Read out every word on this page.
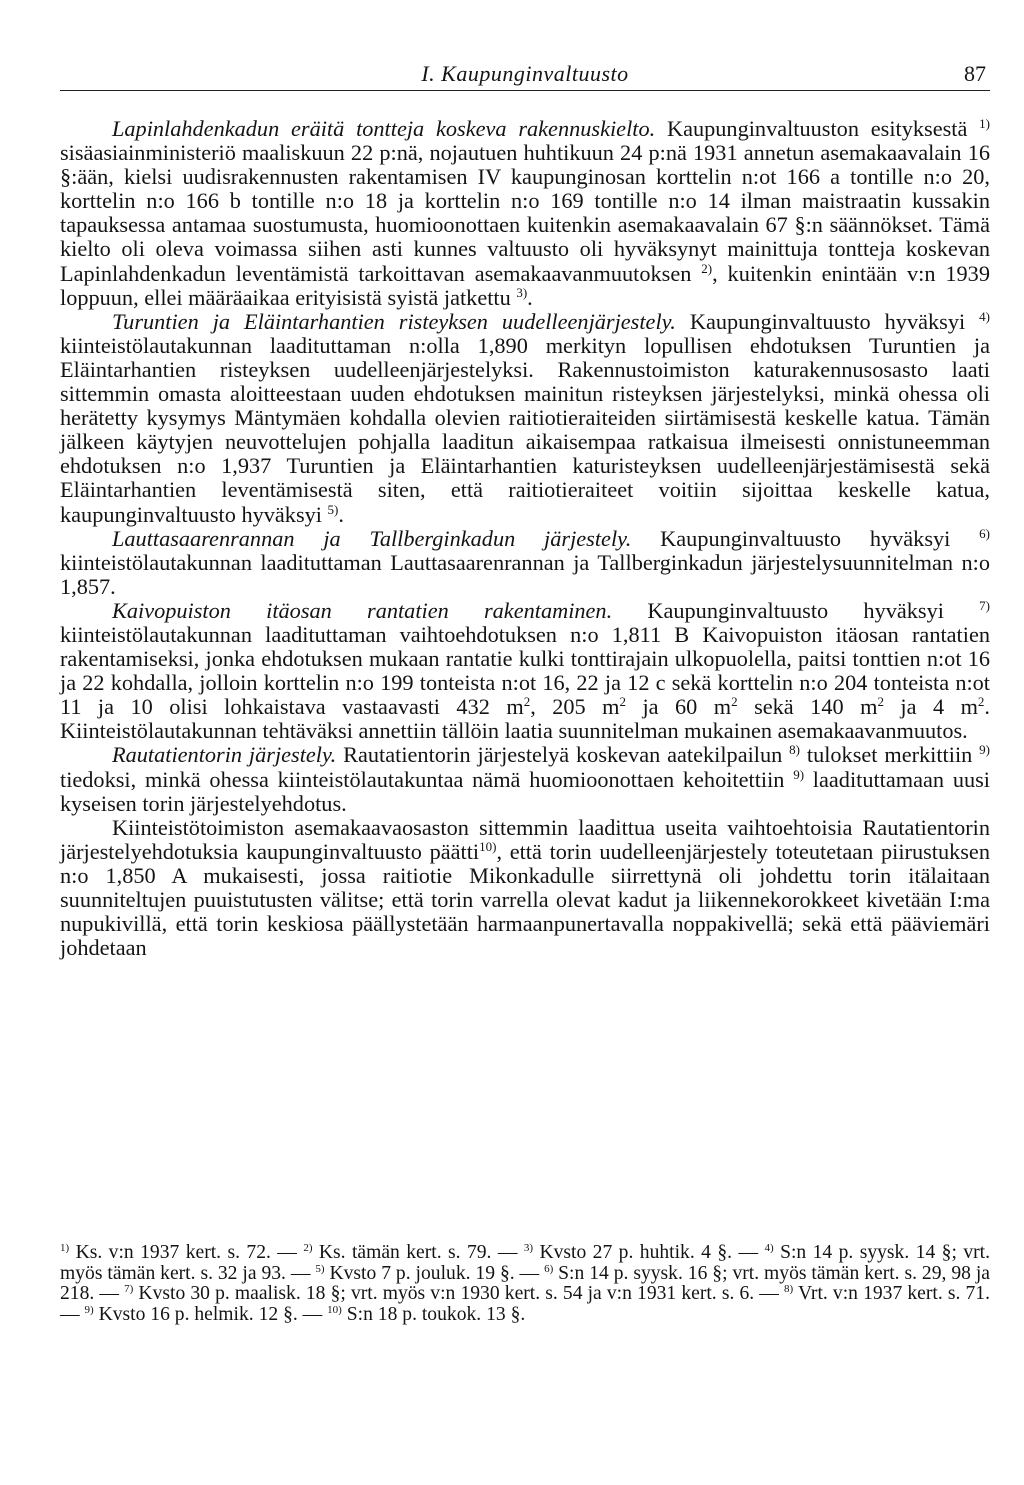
I. Kaupunginvaltuusto	87

Lapinlahdenkadun eräitä tontteja koskeva rakennuskielto. Kaupunginvaltuuston esityksestä $^{1)}$ sisäasiainministeriö maaliskuun 22 p:nä, nojautuen huhtikuun 24 p:nä 1931 annetun asemakaavalain 16 §:ään, kielsi uudisrakennusten rakentamisen IV kaupunginosan korttelin n:ot 166 a tontille n:o 20, korttelin n:o 166 b tontille n:o 18 ja korttelin n:o 169 tontille n:o 14 ilman maistraatin kussakin tapauksessa antamaa suostumusta, huomioonottaen kuitenkin asemakaavalain 67 §:n säännökset. Tämä kielto oli oleva voimassa siihen asti kunnes valtuusto oli hyväksynyt mainittuja tontteja koskevan Lapinlahdenkadun leventämistä tarkoittavan asemakaavanmuutoksen $^{2)}$, kuitenkin enintään v:n 1939 loppuun, ellei määräaikaa erityisistä syistä jatkettu $^{3)}$.

Turuntien ja Eläintarhantien risteyksen uudelleenjärjestely. Kaupunginvaltuusto hyväksyi $^{4)}$ kiinteistölautakunnan laadituttaman n:olla 1,890 merkityn lopullisen ehdotuksen Turuntien ja Eläintarhantien risteyksen uudelleenjärjestelyksi. Rakennustoimiston katurakennusosasto laati sittemmin omasta aloitteestaan uuden ehdotuksen mainitun risteyksen järjestelyksi, minkä ohessa oli herätetty kysymys Mäntymäen kohdalla olevien raitiotieraiteiden siirtämisestä keskelle katua. Tämän jälkeen käytyjen neuvottelujen pohjalla laaditun aikaisempaa ratkaisua ilmeisesti onnistuneemman ehdotuksen n:o 1,937 Turuntien ja Eläintarhantien katuristeyksen uudelleenjärjestämisestä sekä Eläintarhantien leventämisestä siten, että raitiotieraiteet voitiin sijoittaa keskelle katua, kaupunginvaltuusto hyväksyi $^{5)}$.

Lauttasaarenrannan ja Tallberginkadun järjestely. Kaupunginvaltuusto hyväksyi $^{6)}$ kiinteistölautakunnan laadituttaman Lauttasaarenrannan ja Tallberginkadun järjestelysuunnitelman n:o 1,857.

Kaivopuiston itäosan rantatien rakentaminen. Kaupunginvaltuusto hyväksyi $^{7)}$ kiinteistölautakunnan laadituttaman vaihtoehdotuksen n:o 1,811 B Kaivopuiston itäosan rantatien rakentamiseksi, jonka ehdotuksen mukaan rantatie kulki tonttirajain ulkopuolella, paitsi tonttien n:ot 16 ja 22 kohdalla, jolloin korttelin n:o 199 tonteista n:ot 16, 22 ja 12 c sekä korttelin n:o 204 tonteista n:ot 11 ja 10 olisi lohkaistava vastaavasti 432 $m^2$, 205 $m^2$ ja 60 $m^2$ sekä 140 $m^2$ ja 4 $m^2$. Kiinteistölautakunnan tehtäväksi annettiin tällöin laatia suunnitelman mukainen asemakaavanmuutos.

Rautatientorin järjestely. Rautatientorin järjestelyä koskevan aatekilpailun $^{8)}$ tulokset merkittiin $^{9)}$ tiedoksi, minkä ohessa kiinteistölautakuntaa nämä huomioonottaen kehoitettiin $^{9)}$ laadituttamaan uusi kyseisen torin järjestelyehdotus.

Kiinteistötoimiston asemakaavaosaston sittemmin laadittua useita vaihtoehtoisia Rautatientorin järjestelyehdotuksia kaupunginvaltuusto päätti$^{10)}$, että torin uudelleenjärjestely toteutetaan piirustuksen n:o 1,850 A mukaisesti, jossa raitiotie Mikonkadulle siirrettynä oli johdettu torin itälaitaan suunniteltujen puuistutusten välitse; että torin varrella olevat kadut ja liikennekorokkeet kivetään I:ma nupukivillä, että torin keskiosa päällystetään harmaanpunertavalla noppakivellä; sekä että pääviemäri johdetaan

$^{1)}$ Ks. v:n 1937 kert. s. 72. — $^{2)}$ Ks. tämän kert. s. 79. — $^{3)}$ Kvsto 27 p. huhtik. 4 §. — $^{4)}$ S:n 14 p. syysk. 14 §; vrt. myös tämän kert. s. 32 ja 93. — $^{5)}$ Kvsto 7 p. jouluk. 19 §. — $^{6)}$ S:n 14 p. syysk. 16 §; vrt. myös tämän kert. s. 29, 98 ja 218. — $^{7)}$ Kvsto 30 p. maalisk. 18 §; vrt. myös v:n 1930 kert. s. 54 ja v:n 1931 kert. s. 6. — $^{8)}$ Vrt. v:n 1937 kert. s. 71. — $^{9)}$ Kvsto 16 p. helmik. 12 §. — $^{10)}$ S:n 18 p. toukok. 13 §.
